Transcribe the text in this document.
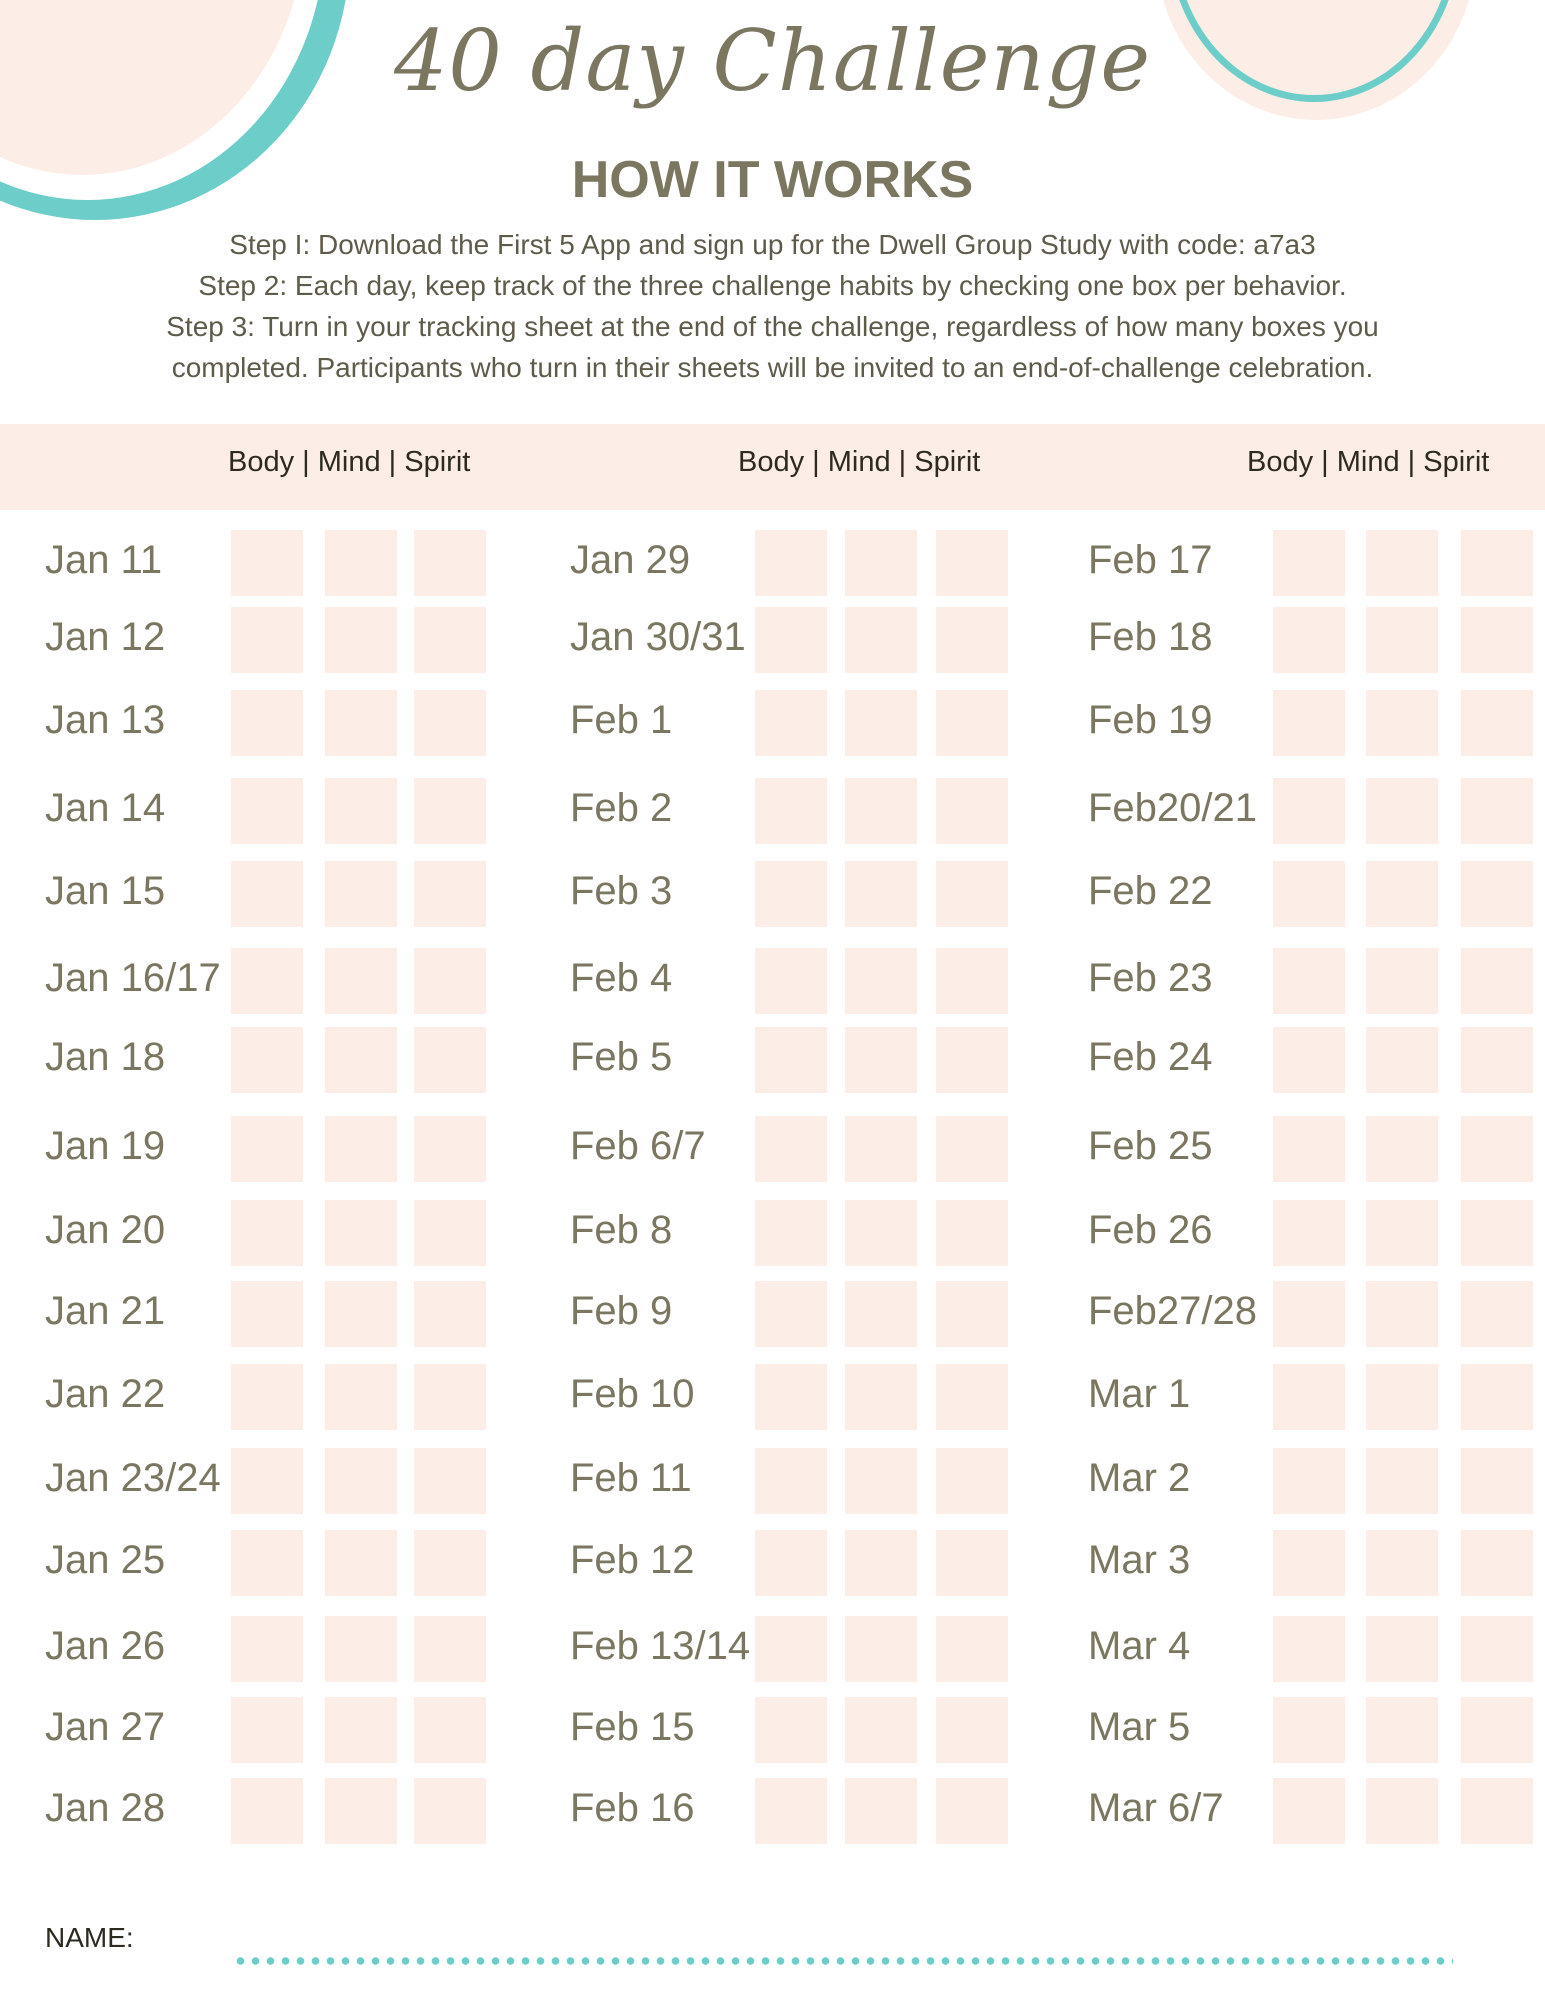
40 day Challenge
HOW IT WORKS
Step I: Download the First 5 App and sign up for the Dwell Group Study with code: a7a3
Step 2: Each day, keep track of the three challenge habits by checking one box per behavior.
Step 3: Turn in your tracking sheet at the end of the challenge, regardless of how many boxes you
completed. Participants who turn in their sheets will be invited to an end-of-challenge celebration.
Body | Mind | Spirit	Body | Mind | Spirit	Body | Mind | Spirit
Jan 11
Jan 12
Jan 13
Jan 14
Jan 15
Jan 16/17
Jan 18
Jan 19
Jan 20
Jan 21
Jan 22
Jan 23/24
Jan 25
Jan 26
Jan 27
Jan 28
Jan 29
Jan 30/31
Feb 1
Feb 2
Feb 3
Feb 4
Feb 5
Feb 6/7
Feb 8
Feb 9
Feb 10
Feb 11
Feb 12
Feb 13/14
Feb 15
Feb 16
Feb 17
Feb 18
Feb 19
Feb20/21
Feb 22
Feb 23
Feb 24
Feb 25
Feb 26
Feb27/28
Mar 1
Mar 2
Mar 3
Mar 4
Mar 5
Mar 6/7
NAME:
